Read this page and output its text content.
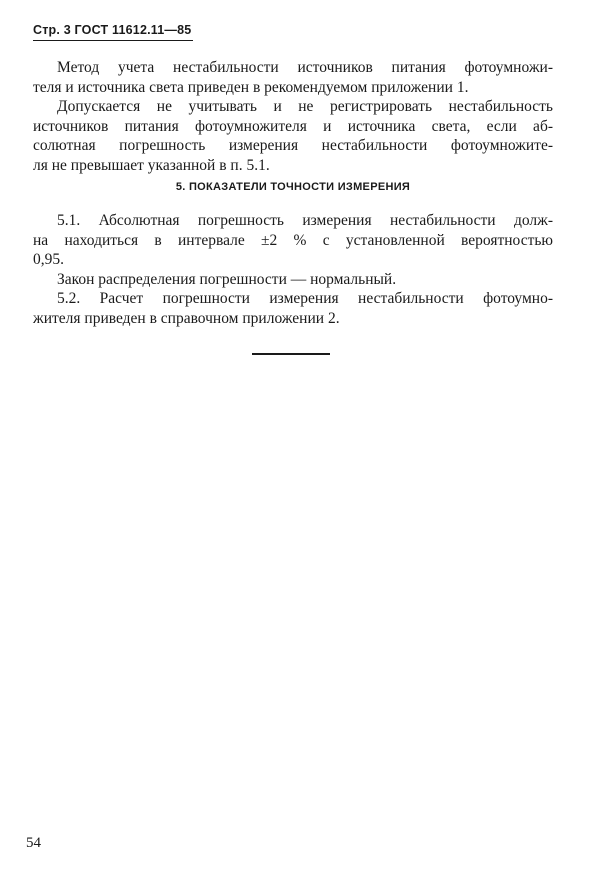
Стр. 3 ГОСТ 11612.11—85
Метод учета нестабильности источников питания фотоумножи-
теля и источника света приведен в рекомендуемом приложении 1.
Допускается не учитывать и не регистрировать нестабильность
источников питания фотоумножителя и источника света, если аб-
солютная погрешность измерения нестабильности фотоумножите-
ля не превышает указанной в п. 5.1.
5. ПОКАЗАТЕЛИ ТОЧНОСТИ ИЗМЕРЕНИЯ
5.1. Абсолютная погрешность измерения нестабильности долж-
на находиться в интервале ±2 % с установленной вероятностью
0,95.
Закон распределения погрешности — нормальный.
5.2. Расчет погрешности измерения нестабильности фотоумно-
жителя приведен в справочном приложении 2.
54
